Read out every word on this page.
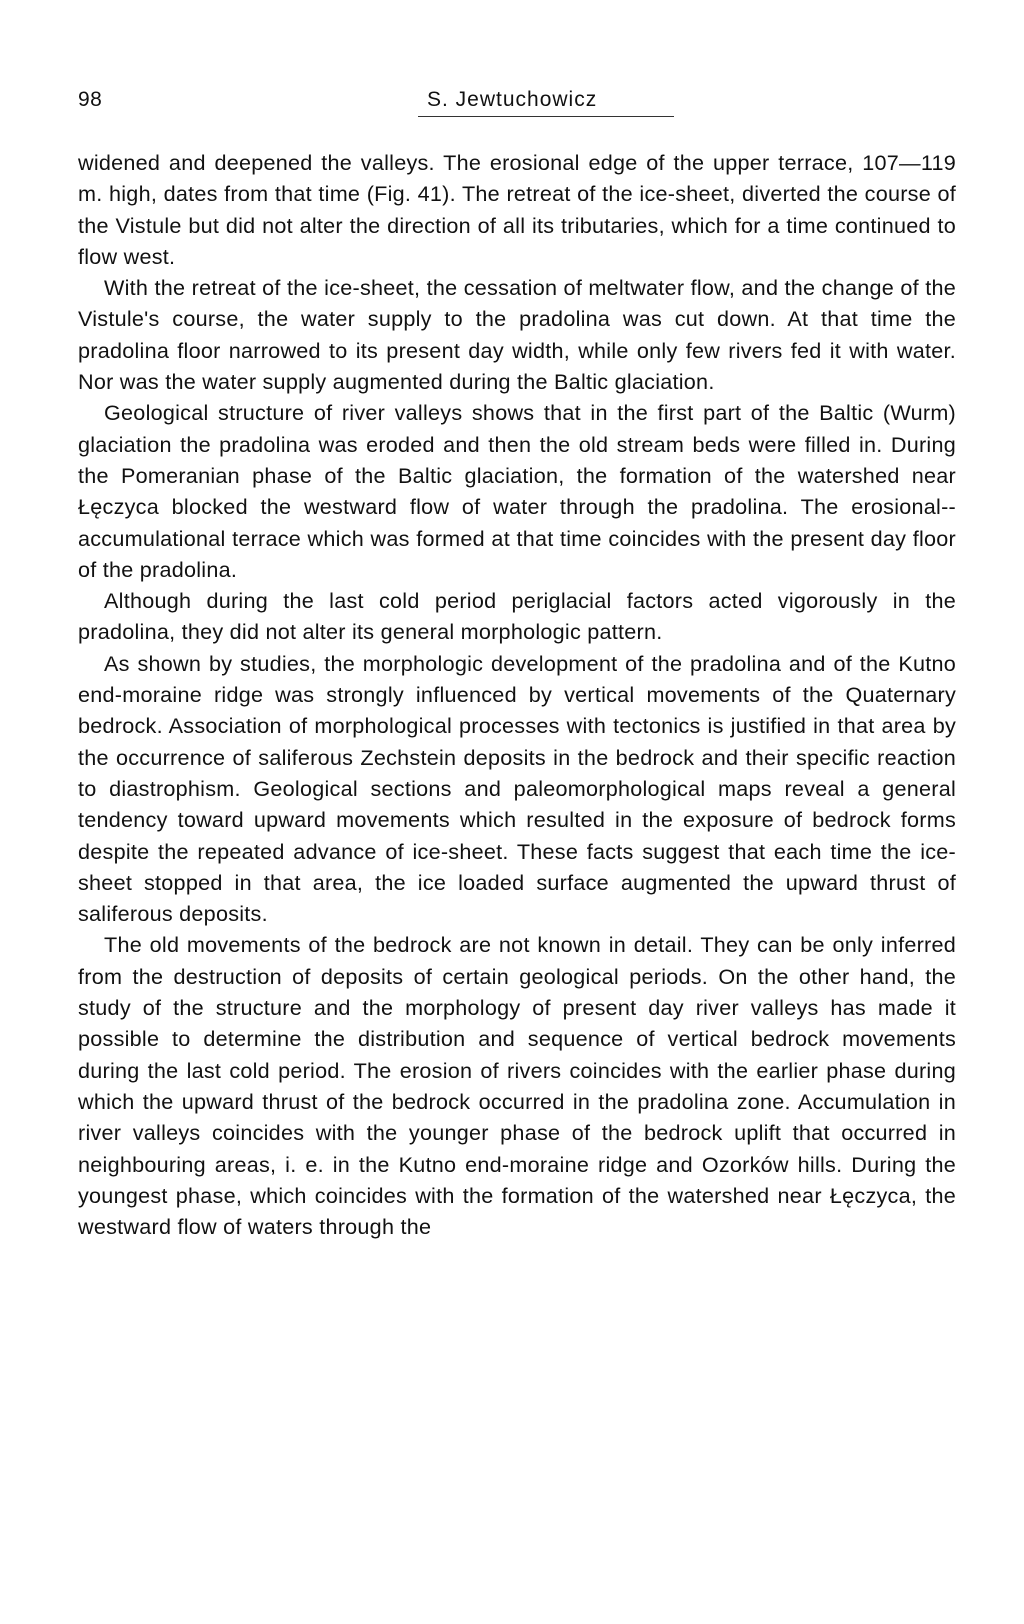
98	S. Jewtuchowicz

widened and deepened the valleys. The erosional edge of the upper terrace, 107—119 m. high, dates from that time (Fig. 41). The retreat of the ice-sheet, diverted the course of the Vistule but did not alter the direction of all its tributaries, which for a time continued to flow west.

With the retreat of the ice-sheet, the cessation of meltwater flow, and the change of the Vistule's course, the water supply to the pradolina was cut down. At that time the pradolina floor narrowed to its present day width, while only few rivers fed it with water. Nor was the water supply augmented during the Baltic glaciation.

Geological structure of river valleys shows that in the first part of the Baltic (Wurm) glaciation the pradolina was eroded and then the old stream beds were filled in. During the Pomeranian phase of the Baltic glaciation, the formation of the watershed near Łęczyca blocked the westward flow of water through the pradolina. The erosional--accumulational terrace which was formed at that time coincides with the present day floor of the pradolina.

Although during the last cold period periglacial factors acted vigorously in the pradolina, they did not alter its general morphologic pattern.

As shown by studies, the morphologic development of the pradolina and of the Kutno end-moraine ridge was strongly influenced by vertical movements of the Quaternary bedrock. Association of morphological processes with tectonics is justified in that area by the occurrence of saliferous Zechstein deposits in the bedrock and their specific reaction to diastrophism. Geological sections and paleomorphological maps reveal a general tendency toward upward movements which resulted in the exposure of bedrock forms despite the repeated advance of ice-sheet. These facts suggest that each time the ice-sheet stopped in that area, the ice loaded surface augmented the upward thrust of saliferous deposits.

The old movements of the bedrock are not known in detail. They can be only inferred from the destruction of deposits of certain geological periods. On the other hand, the study of the structure and the morphology of present day river valleys has made it possible to determine the distribution and sequence of vertical bedrock movements during the last cold period. The erosion of rivers coincides with the earlier phase during which the upward thrust of the bedrock occurred in the pradolina zone. Accumulation in river valleys coincides with the younger phase of the bedrock uplift that occurred in neighbouring areas, i. e. in the Kutno end-moraine ridge and Ozorków hills. During the youngest phase, which coincides with the formation of the watershed near Łęczyca, the westward flow of waters through the
